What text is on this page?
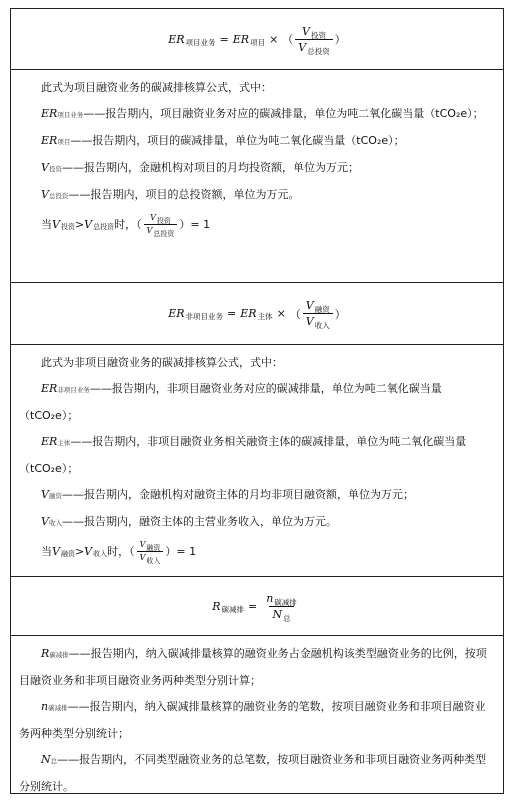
ER 项目业务 = ER 项目 × （ $\frac{V_{投资}}{V_{总投资}}$ ）

此式为项目融资业务的碳减排核算公式，式中：

ER项目业务——报告期内，项目融资业务对应的碳减排量，单位为吨二氧化碳当量（tCO₂e）；

ER项目——报告期内，项目的碳减排量，单位为吨二氧化碳当量（tCO₂e）；

V投资——报告期内，金融机构对项目的月均投资额，单位为万元；

V总投资——报告期内，项目的总投资额，单位为万元。

当 V 投资 > V 总投资 时，（ $\frac{\text{V投资}}{\text{V总投资}}$ ）= 1
ER 非项目业务 = ER 主体 × （ $\frac{V_{融资}}{V_{收入}}$ ）

此式为非项目融资业务的碳减排核算公式，式中：

ER非项目业务——报告期内，非项目融资业务对应的碳减排量，单位为吨二氧化碳当量（tCO₂e）；

ER主体——报告期内，非项目融资业务相关融资主体的碳减排量，单位为吨二氧化碳当量（tCO₂e）；

V融资——报告期内，金融机构对融资主体的月均非项目融资额，单位为万元；

V收入——报告期内，融资主体的主营业务收入，单位为万元。

当 V 融资 > V 收入 时，（ $\frac{\text{V融资}}{\text{V收入}}$ ）= 1
R 碳减排 = $\frac{n_{碳减排}}{N_总}$

R碳减排——报告期内，纳入碳减排量核算的融资业务占金融机构该类型融资业务的比例，按项目融资业务和非项目融资业务两种类型分别计算；

n碳减排——报告期内，纳入碳减排量核算的融资业务的笔数，按项目融资业务和非项目融资业务两种类型分别统计；

N总——报告期内，不同类型融资业务的总笔数，按项目融资业务和非项目融资业务两种类型分别统计。
